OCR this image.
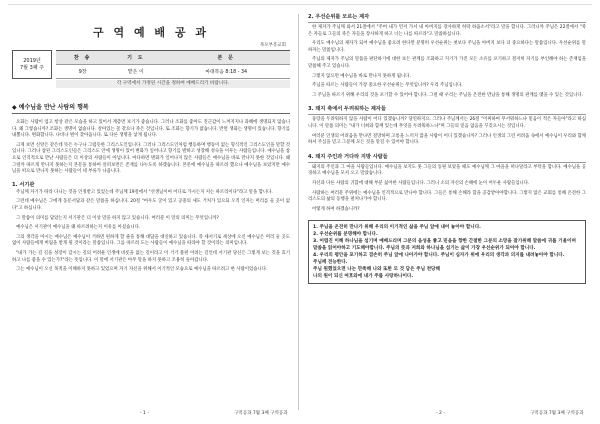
구 역 예 배 공 과
목포부흥교회
2019년
7월 3째 주
찬 송	기 도	본 문
9장	맡은 이	마태복음 8:18 - 34
각 구역에서 가정된 시간을 정하여 예배드리기 바랍니다.
◆ 예수님을 만난 사람의 행복

요화는 사람이 엄고 항상 같은 모습을 하고 있어서 계층면 보기가 좋습니다. 그러나 조화를 좋아도 진근감이 느껴지지나 과해에 생명되지 않습니다. 왜 그렇습니까? 조화는 생명이 없습니다. 살아있는 꽃 같으나 죽은 것입니다. 또 조화는 향기가 없습니다. 반면 생화는 생명이 있습니다. 향기를 내뿜니다. 변화합니다. 나비나 벌이 찾아옵니다. 또 다른 생명을 낳게 됩니다.

크게 보면 신앙은 같은데 뜻은 누구나 그럼듯한 그리스도인입니다. 그러나 그리스도인처럼 행동하며 행동이 없는 형식적인 그리스도인을 말할 것입니다. 그러나 참된 그리스도인들은 그리스도 안에 생명이 있어 변화가 일어나고 향기를 발하고 성장해 성숙을 이루는 사람들입니다. 예수님을 참으로 인격적으로 만난 사람들은 더 이상의 사람들이 아닙니다. 마다하면 변화가 일어나지 않은 사람들은 예수님을 바로 만나지 못한 것입니다. 왜 그럴까 따르게 만나지 못하는지 본문을 통하여 살펴보면은 존재를 나누도록 하겠습니다. 본문에 예수님을 따르려 했으나 예수님을 보았지만 예수님을 떠으로 만나지 못하는 사람들이 네 부류가 나옵니다.

1. 서기관

주님께 자기가 따라 다니는 것을 인정받고 있었는데 주님께 19절에서 "선생님이여 어디로 가시든지 저는 따르리이다"라고 말을 합니다.

그런데 예수님은 그에게 동문서답과 같은 말씀을 하십니다. 20절 "여우도 굴이 있고 공중의 새도 거처가 있으되 오직 인자는 머리를 둘 곳이 없다"고 하십니다.

그 말씀이 의미를 담았는지 서기관은 더 이상 말을 하지 않고 있습니다. 여러분 이 말의 의미는 무엇입니까?

예수님은 서기관이 예수님을 왜 따르려하는지 이유를 아셨습니다.

그의 생각을 아시는 예수님은 예수님이 거하면 편하게 할 줄을 통해 대답을 대신하고 있습니다. 즉 세서기로 세상에 오신 예수님은 머리 둘 곳도 없이 사람들에게 버림을 받게 될 것이라는 말씀입니다. 그를 따르려 도는 사람들이 예수님을 따라야 할 것이라는 의미입니다.

"내가 가는 길 길을 성장이 감시는 길의 어려운 인생에 비롯을 없는 길이라고 이 거기 불편 어려는 길인데 서기관 당신은 그렇게 보는 것을 효기하고 나를 좋을 수 있는가?"라는 뜻입니다. 이 말에 서기관은 아무 말을 하지 못하고 조용히 돌아갑니다.

그는 예수님이 오신 목적을 이해하지 못하고 있었으며 자기 자신을 위해서 이기적인 모습으로 예수님을 따르려고 한 사람이었습니다.

2. 우선순위를 모르는 제자

한 제자가 주님께 와서 21절에서 "주여 내가 먼저 가서 내 아버지를 장사하게 허락 하옵소서"라고 말을 합니다. 그러니까 주님은 22절에서 "죽은 자들로 그들의 죽은 자들을 장사하게 하고 너는 나를 따르라"고 말씀하십니다.

우리도 예수님의 제자가 되어 예수님을 좋으려 한다면 분명히 우선순위는 첫보다 주님을 아버지 보다 더 중요하다는 말씀입니다. 우선순위를 말하자는 말씀입니다.

주님의 제자가 주님의 말씀을 판단하기에 대한 보든 관계를 조화하고 지기가 가진 모든 소유를 포기하고 철저히 자기를 부인해야 하는 존재임을 말씀해 주고 있습니다.

그렇지 않으면 예수님을 바로 만나지 못하게 됩니다.

주님을 따르는 사람들이 가장 중요한 우선순위는 무엇입니까? 우리 주님입니다.

그 주님을 따르기 위해 우리의 것을 포기할 수 있어야 합니다. 그럴 때 우리는 주님을 온전한 만남을 통해 생명의 관계를 맺을 수 있는 것입니다.

3. 돼지 축에서 두려워하는 제자들

풍랑을 두려워하지 않을 사람이 어디 있겠습니까? 당연하지요. 그러나 주님께서는 26절 "어찌하여 무서워하느냐 믿음이 적은 자들아"라고 하십니다. 이 말씀 의미는 "내가 너희와 함께 있는데 무엇을 두려워하느냐"며 그들의 믿음 없음을 꾸짖으시는 것입니다.

여러분 인생의 어려움을 만나면 절망하며 고통을 느끼지 않을 사람이 어디 있겠습니까? 그러나 인생의 그런 어려움 속에서 예수님이 우리와 함께 하셔 주심을 믿고 그분께 모든 것을 맡길 수 있어야 합니다.

4. 돼지 주인과 거다라 지방 사람들

돼지의 주인과 그 마을 사람들입니다. 예수님을 보지도 못 그들의 동원 보았을 때도 예수님께 그 마을을 떠나달라고 부탁을 합니다. 예수님을 공경하고 예수님을 모셔 오고 말았습니다.

자신과 다른 사람의 귀함에 대해 부분 싫어한 사람들입니다. 그러니 소의 자신의 손해에 눈이 어두운 사람들입니다.

사람하는 여러분 주위에는 예수님을 인격적으로 만나야 합니다. 그들은 통해 손해라 함을 공감받아야합니다. 그렇지 않은 교회를 통해 온전한 그리스도의 삶의 동행을 펼쳐나가야 합니다.

어떻게 하여 하겠습니까?

1. 주님을 온전히 만나가 위해 우리의 이기적인 삶을 주님 앞에 내어 놓아야 합니다.

2. 우선순위를 분명해야 합니다.

3. 어렵진 이해 하나님을 섬기며 예배드리며 그분의 음성을 좋고 믿음을 향한 간절한 그분의 소망을 잘가위해 말씀에 귀를 기울이며 말씀을 읽어야하고 기도해야합니다. 주님의 뜻과 저희와 하나님을 섬기는 삶이 가장 우선순위가 되어야 합니다.

4. 우리의 평안을 포기하고 겸손히 주님 앞에 나아가야 합니다. 주님이 십자가 위에 우리의 생각과 의지를 내려놓아야 합니다.

주님께 전능한다.

주님 원했었으면 나는 만족해 나와 또한 모 것 담은 주님 천당해

나의 원이 되신 여호와에 내가 주를 사랑하나이다.

- 1 -	구역공과 7월 3째 구역공과	- 2 -	구역공과 7월 3째 구역공과
